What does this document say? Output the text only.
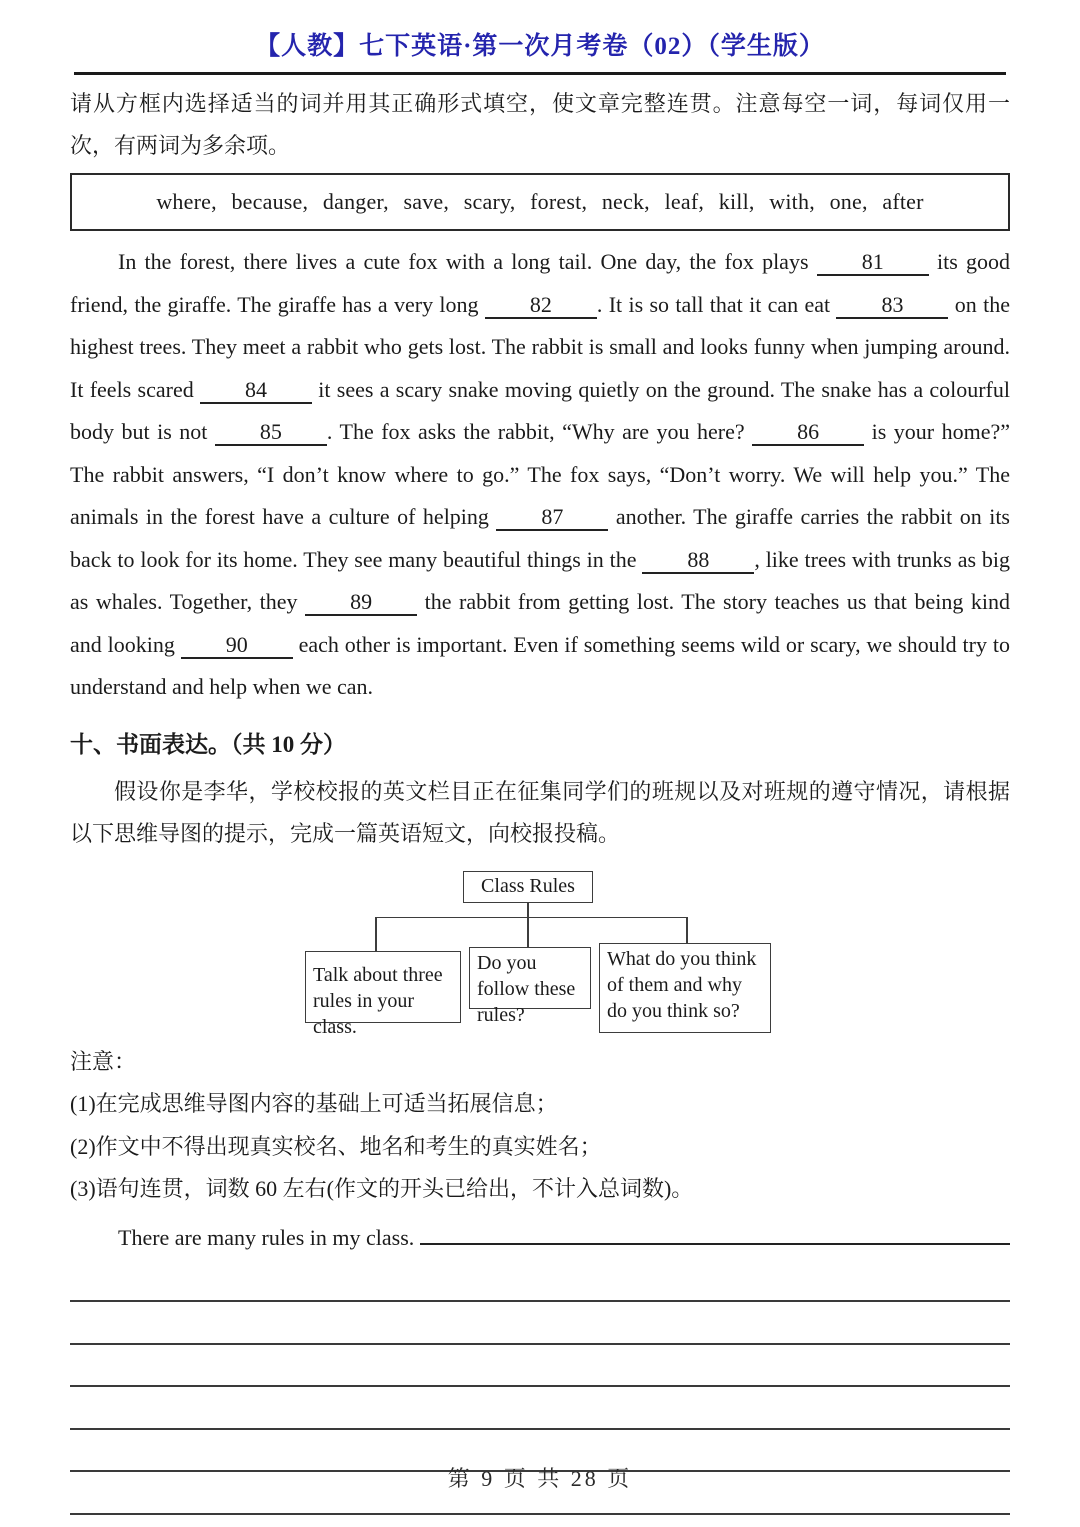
【人教】七下英语·第一次月考卷（02）（学生版）
请从方框内选择适当的词并用其正确形式填空，使文章完整连贯。注意每空一词，每词仅用一次，有两词为多余项。
where, because, danger, save, scary, forest, neck, leaf, kill, with, one, after
In the forest, there lives a cute fox with a long tail. One day, the fox plays 81 its good friend, the giraffe. The giraffe has a very long 82 . It is so tall that it can eat 83 on the highest trees. They meet a rabbit who gets lost. The rabbit is small and looks funny when jumping around. It feels scared 84 it sees a scary snake moving quietly on the ground. The snake has a colourful body but is not 85 . The fox asks the rabbit, “Why are you here? 86 is your home?” The rabbit answers, “I don’t know where to go.” The fox says, “Don’t worry. We will help you.” The animals in the forest have a culture of helping 87 another. The giraffe carries the rabbit on its back to look for its home. They see many beautiful things in the 88 , like trees with trunks as big as whales. Together, they 89 the rabbit from getting lost. The story teaches us that being kind and looking 90 each other is important. Even if something seems wild or scary, we should try to understand and help when we can.
十、书面表达。（共 10 分）
假设你是李华，学校校报的英文栏目正在征集同学们的班规以及对班规的遵守情况，请根据以下思维导图的提示，完成一篇英语短文，向校报投稿。
Class Rules
Talk about three rules in your class.
Do you follow these rules?
What do you think of them and why do you think so?
注意：
(1)在完成思维导图内容的基础上可适当拓展信息；
(2)作文中不得出现真实校名、地名和考生的真实姓名；
(3)语句连贯，词数 60 左右(作文的开头已给出，不计入总词数)。
There are many rules in my class.
第 9 页 共 28 页
